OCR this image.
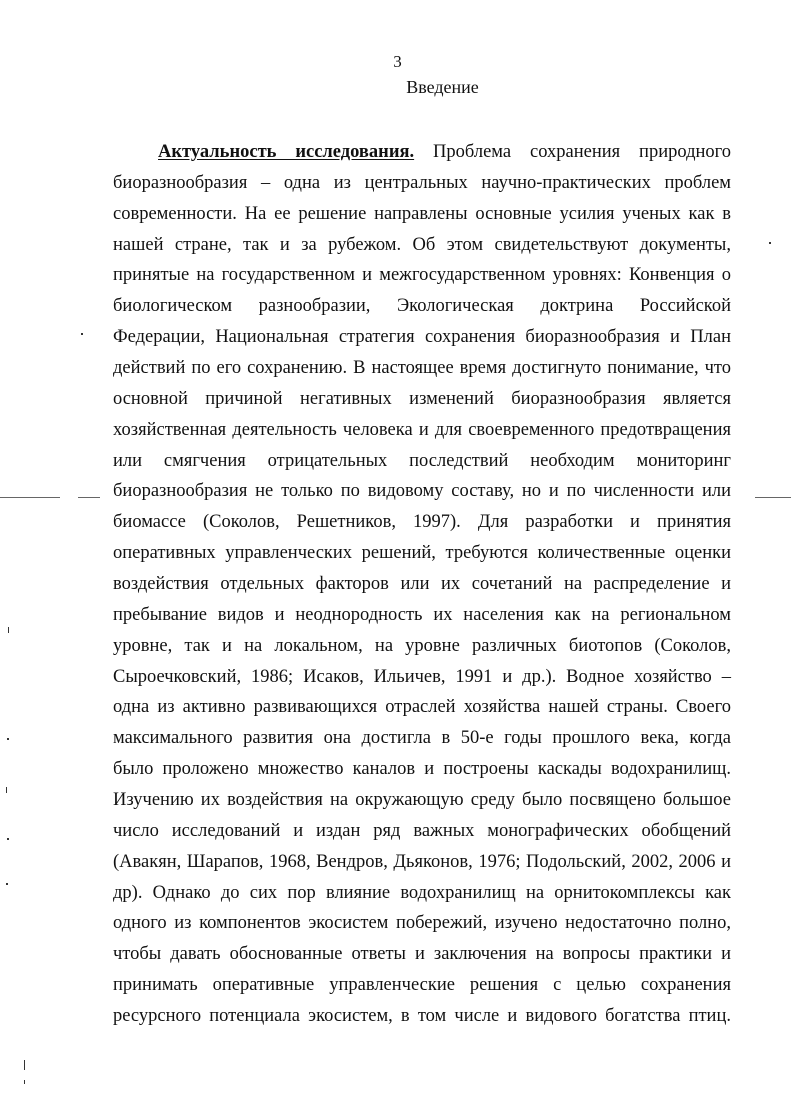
3
Введение
Актуальность исследования. Проблема сохранения природного
биоразнообразия – одна из центральных научно-практических проблем
современности. На ее решение направлены основные усилия ученых как в
нашей стране, так и за рубежом. Об этом свидетельствуют документы,
принятые на государственном и межгосударственном уровнях: Конвенция о
биологическом разнообразии, Экологическая доктрина Российской
Федерации, Национальная стратегия сохранения биоразнообразия и План
действий по его сохранению. В настоящее время достигнуто понимание, что
основной причиной негативных изменений биоразнообразия является
хозяйственная деятельность человека и для своевременного предотвращения
или смягчения отрицательных последствий необходим мониторинг
биоразнообразия не только по видовому составу, но и по численности или
биомассе (Соколов, Решетников, 1997). Для разработки и принятия
оперативных управленческих решений, требуются количественные оценки
воздействия отдельных факторов или их сочетаний на распределение и
пребывание видов и неоднородность их населения как на региональном
уровне, так и на локальном, на уровне различных биотопов (Соколов,
Сыроечковский, 1986; Исаков, Ильичев, 1991 и др.). Водное хозяйство –
одна из активно развивающихся отраслей хозяйства нашей страны. Своего
максимального развития она достигла в 50-е годы прошлого века, когда
было проложено множество каналов и построены каскады водохранилищ.
Изучению их воздействия на окружающую среду было посвящено большое
число исследований и издан ряд важных монографических обобщений
(Авакян, Шарапов, 1968, Вендров, Дьяконов, 1976; Подольский, 2002, 2006 и
др). Однако до сих пор влияние водохранилищ на орнитокомплексы как
одного из компонентов экосистем побережий, изучено недостаточно полно,
чтобы давать обоснованные ответы и заключения на вопросы практики и
принимать оперативные управленческие решения с целью сохранения
ресурсного потенциала экосистем, в том числе и видового богатства птиц.
